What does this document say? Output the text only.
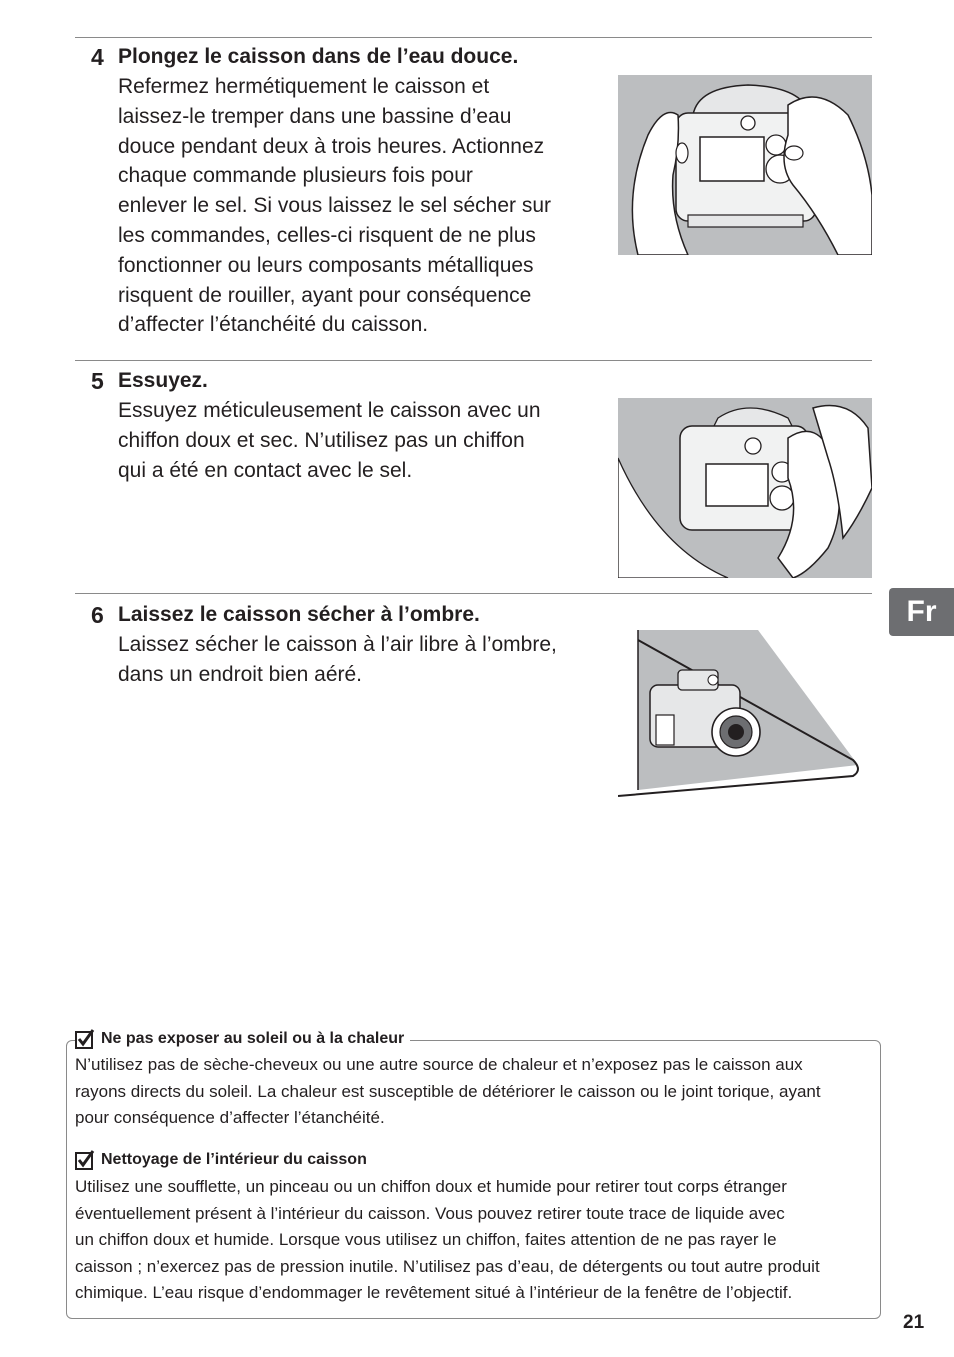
4 Plongez le caisson dans de l’eau douce.
Refermez hermétiquement le caisson et
laissez-le tremper dans une bassine d’eau
douce pendant deux à trois heures. Actionnez
chaque commande plusieurs fois pour
enlever le sel. Si vous laissez le sel sécher sur
les commandes, celles-ci risquent de ne plus
fonctionner ou leurs composants métalliques
risquent de rouiller, ayant pour conséquence
d’affecter l’étanchéité du caisson.
5 Essuyez.
Essuyez méticuleusement le caisson avec un
chiffon doux et sec. N’utilisez pas un chiffon
qui a été en contact avec le sel.
6 Laissez le caisson sécher à l’ombre.
Laissez sécher le caisson à l’air libre à l’ombre,
dans un endroit bien aéré.
Fr
Ne pas exposer au soleil ou à la chaleur
N’utilisez pas de sèche-cheveux ou une autre source de chaleur et n’exposez pas le caisson aux
rayons directs du soleil. La chaleur est susceptible de détériorer le caisson ou le joint torique, ayant
pour conséquence d’affecter l’étanchéité.
Nettoyage de l’intérieur du caisson
Utilisez une soufflette, un pinceau ou un chiffon doux et humide pour retirer tout corps étranger
éventuellement présent à l’intérieur du caisson. Vous pouvez retirer toute trace de liquide avec
un chiffon doux et humide. Lorsque vous utilisez un chiffon, faites attention de ne pas rayer le
caisson ; n’exercez pas de pression inutile. N’utilisez pas d’eau, de détergents ou tout autre produit
chimique. L’eau risque d’endommager le revêtement situé à l’intérieur de la fenêtre de l’objectif.
21
